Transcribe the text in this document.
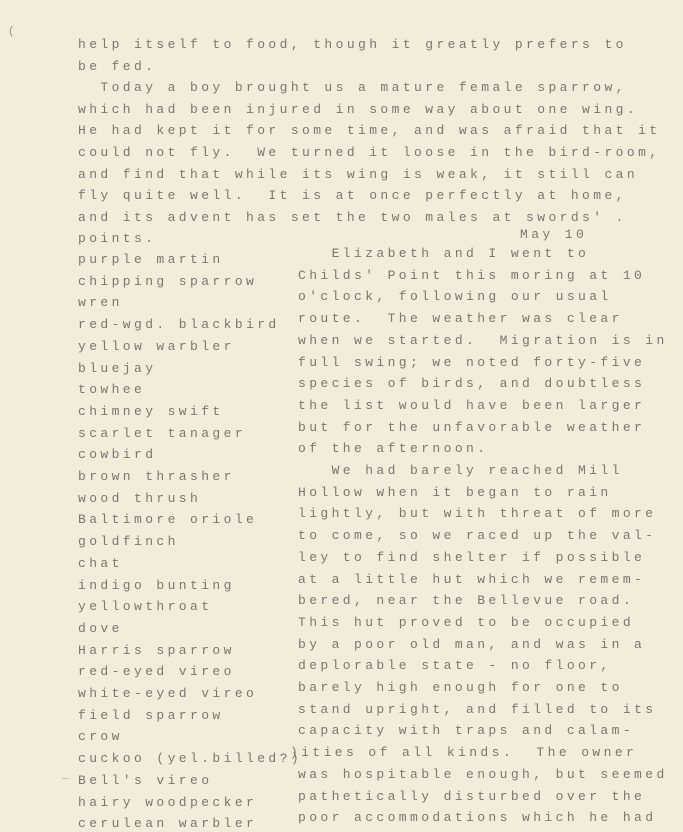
(
_
help itself to food, though it greatly prefers to
be fed.
Today a boy brought us a mature female sparrow,
which had been injured in some way about one wing.
He had kept it for some time, and was afraid that it
could not fly.  We turned it loose in the bird-room,
and find that while its wing is weak, it still can
fly quite well.  It is at once perfectly at home,
and its advent has set the two males at swords' .
points.	May 10
purple martin
chipping sparrow
wren
red-wgd. blackbird
yellow warbler
bluejay
towhee
chimney swift
scarlet tanager
cowbird
brown thrasher
wood thrush
Baltimore oriole
goldfinch
chat
indigo bunting
yellowthroat
dove
Harris sparrow
red-eyed vireo
white-eyed vireo
field sparrow
crow
cuckoo (yel.billed?)
Bell's vireo
hairy woodpecker
cerulean warbler
Elizabeth and I went to
Childs' Point this moring at 10
o'clock, following our usual
route.  The weather was clear
when we started.  Migration is in
full swing; we noted forty-five
species of birds, and doubtless
the list would have been larger
but for the unfavorable weather
of the afternoon.
We had barely reached Mill
Hollow when it began to rain
lightly, but with threat of more
to come, so we raced up the val-
ley to find shelter if possible
at a little hut which we remem-
bered, near the Bellevue road.
This hut proved to be occupied
by a poor old man, and was in a
deplorable state - no floor,
barely high enough for one to
stand upright, and filled to its
capacity with traps and calam-
)ities of all kinds.  The owner
was hospitable enough, but seemed
pathetically disturbed over the
poor accommodations which he had
